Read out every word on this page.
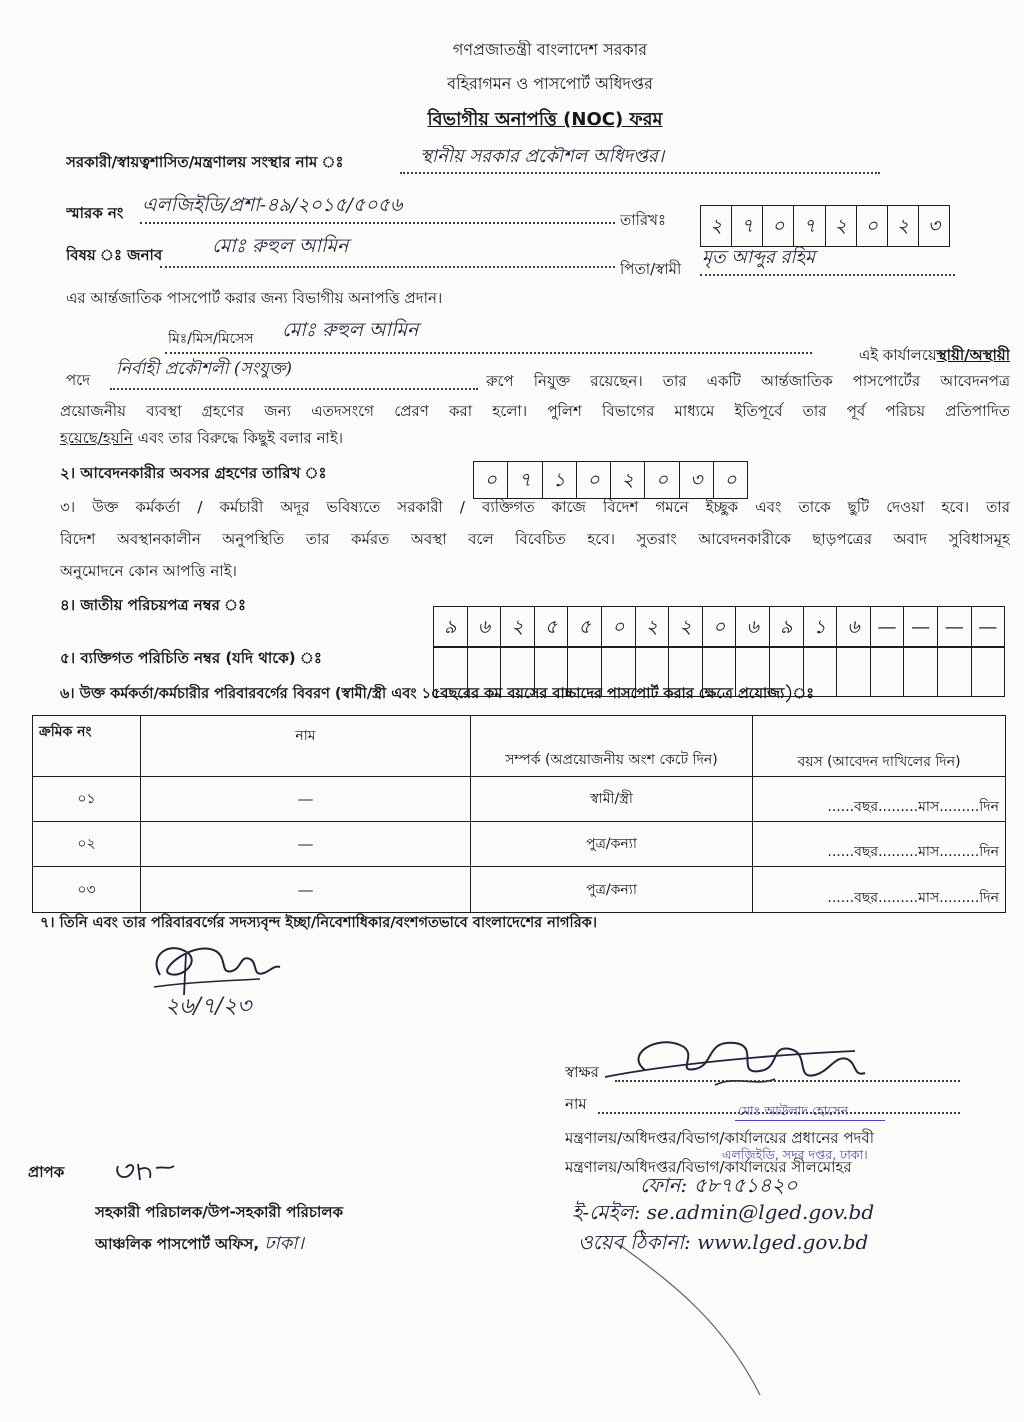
গণপ্রজাতন্ত্রী বাংলাদেশ সরকার
বহিরাগমন ও পাসপোর্ট অধিদপ্তর
বিভাগীয় অনাপত্তি (NOC) ফরম
সরকারী/স্বায়ত্বশাসিত/মন্ত্রণালয় সংস্থার নাম ঃ	স্থানীয় সরকার প্রকৌশল অধিদপ্তর।
স্মারক নং এলজিইডি/প্রশা-৪৯/২০১৫/৫০৫৬
তারিখঃ	২ ৭ ০ ৭ ২ ০ ২ ৩
বিষয় ঃ জনাব	মোঃ রুহুল আমিন
পিতা/স্বামী
মৃত আব্দুর রহিম
এর আর্ন্তজাতিক পাসপোর্ট করার জন্য বিভাগীয় অনাপত্তি প্রদান।
মিঃ/মিস/মিসেস	মোঃ রুহুল আমিন
এই কার্যালয়েস্থায়ী/অস্থায়ী
পদে
নির্বাহী প্রকৌশলী (সংযুক্ত)
রুপে নিযুক্ত রয়েছেন। তার একটি আর্ন্তজাতিক পাসপোর্টের আবেদনপত্র
প্রয়োজনীয় ব্যবস্থা গ্রহণের জন্য এতদসংগে প্রেরণ করা হলো। পুলিশ বিভাগের মাধ্যমে ইতিপূর্বে তার পূর্ব পরিচয় প্রতিপাদিত
হয়েছে/হয়নি এবং তার বিরুদ্ধে কিছুই বলার নাই।
২। আবেদনকারীর অবসর গ্রহণের তারিখ ঃ	০	৭	১	০	২	০	৩	০
৩। উক্ত কর্মকর্তা / কর্মচারী অদূর ভবিষ্যতে সরকারী / ব্যক্তিগত কাজে বিদেশ গমনে ইচ্ছুক এবং তাকে ছুটি দেওয়া হবে। তার
বিদেশ অবস্থানকালীন অনুপস্থিতি তার কর্মরত অবস্থা বলে বিবেচিত হবে। সুতরাং আবেদনকারীকে ছাড়পত্রের অবাদ সুবিধাসমূহ
অনুমোদনে কোন আপত্তি নাই।
৪। জাতীয় পরিচয়পত্র নম্বর ঃ
৯	৬	২	৫	৫	০	২	২	০	৬	৯	১	৬ — — — —
৫। ব্যক্তিগত পরিচিতি নম্বর (যদি থাকে) ঃ
৬। উক্ত কর্মকর্তা/কর্মচারীর পরিবারবর্গের বিবরণ (স্বামী/স্ত্রী এবং ১৫বছরের কম বয়সের বাচ্চাদের পাসপোর্ট করার ক্ষেত্রে প্রযোজ্য)ঃ
ক্রমিক নং	নাম	সম্পর্ক (অপ্রয়োজনীয় অংশ কেটে দিন)	বয়স (আবেদন দাখিলের দিন)
০১	—	স্বামী/স্ত্রী	......বছর.........মাস.........দিন
০২	—	পুত্র/কন্যা	......বছর.........মাস.........দিন
০৩	—	পুত্র/কন্যা	......বছর.........মাস.........দিন
৭। তিনি এবং তার পরিবারবর্গের সদস্যবৃন্দ ইচ্ছা/নিবেশাধিকার/বংশগতভাবে বাংলাদেশের নাগরিক।
২৬/৭/২৩
স্বাক্ষর
নাম	মোঃ আউলাদ হোসেন
এলজিইডি, সদর দপ্তর, ঢাকা।
মন্ত্রণালয়/অধিদপ্তর/বিভাগ/কার্যালয়ের প্রধানের পদবী
মন্ত্রণালয়/অধিদপ্তর/বিভাগ/কার্যালয়ের সীলমোহর
ফোন: ৫৮৭৫১৪২০
ই-মেইল: se.admin@lged.gov.bd
ওয়েব ঠিকানা: www.lged.gov.bd
প্রাপক
সহকারী পরিচালক/উপ-সহকারী পরিচালক
আঞ্চলিক পাসপোর্ট অফিস, ঢাকা।
